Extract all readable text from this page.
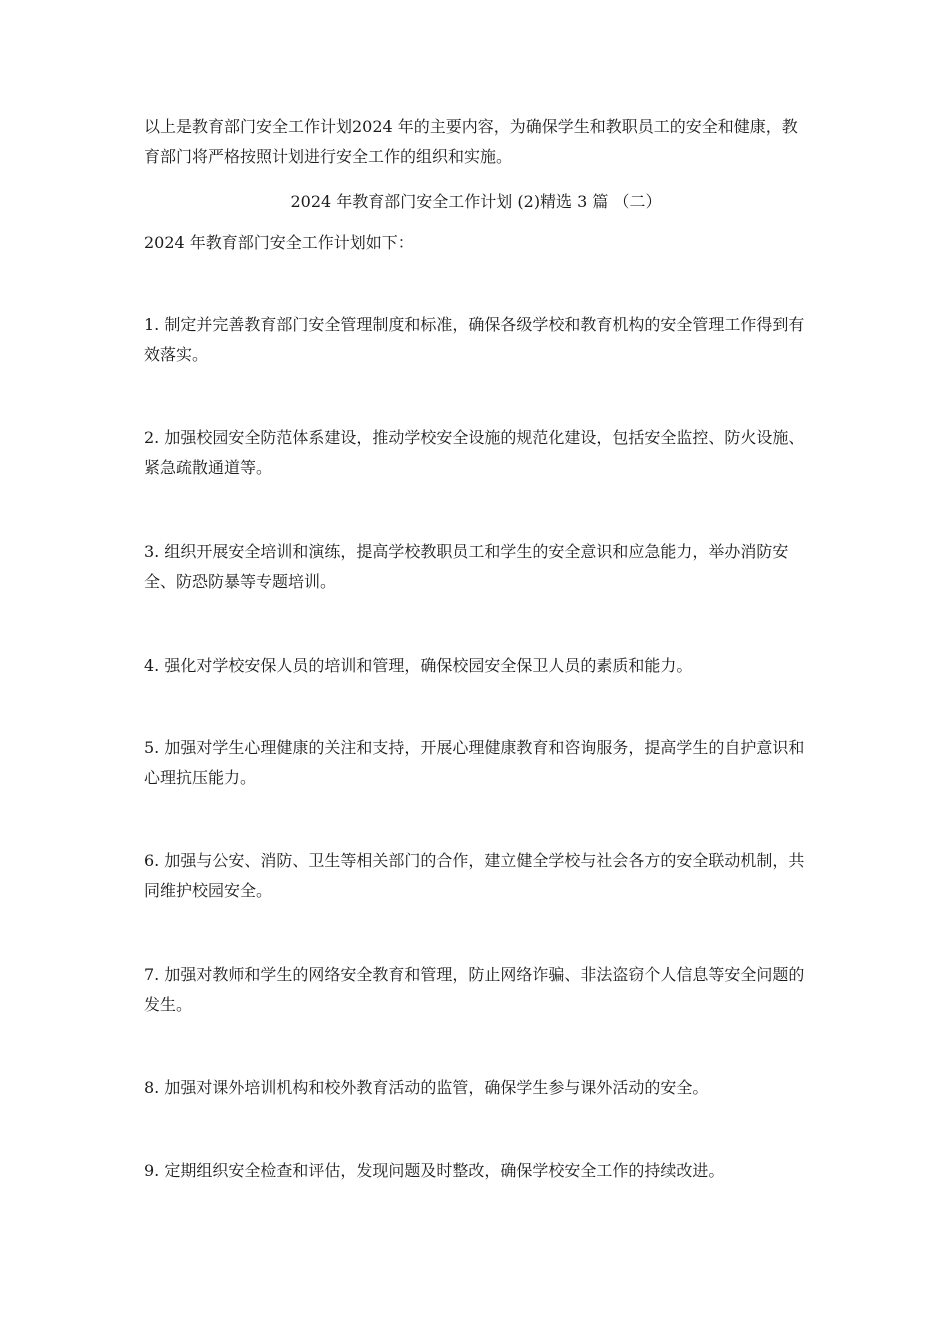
以上是教育部门安全工作计划2024 年的主要内容，为确保学生和教职员工的安全和健康，教育部门将严格按照计划进行安全工作的组织和实施。

2024 年教育部门安全工作计划 (2)精选 3 篇 （二）

2024 年教育部门安全工作计划如下：

1. 制定并完善教育部门安全管理制度和标准，确保各级学校和教育机构的安全管理工作得到有效落实。

2. 加强校园安全防范体系建设，推动学校安全设施的规范化建设，包括安全监控、防火设施、紧急疏散通道等。

3. 组织开展安全培训和演练，提高学校教职员工和学生的安全意识和应急能力，举办消防安全、防恐防暴等专题培训。

4. 强化对学校安保人员的培训和管理，确保校园安全保卫人员的素质和能力。

5. 加强对学生心理健康的关注和支持，开展心理健康教育和咨询服务，提高学生的自护意识和心理抗压能力。

6. 加强与公安、消防、卫生等相关部门的合作，建立健全学校与社会各方的安全联动机制，共同维护校园安全。

7. 加强对教师和学生的网络安全教育和管理，防止网络诈骗、非法盗窃个人信息等安全问题的发生。

8. 加强对课外培训机构和校外教育活动的监管，确保学生参与课外活动的安全。

9. 定期组织安全检查和评估，发现问题及时整改，确保学校安全工作的持续改进。
